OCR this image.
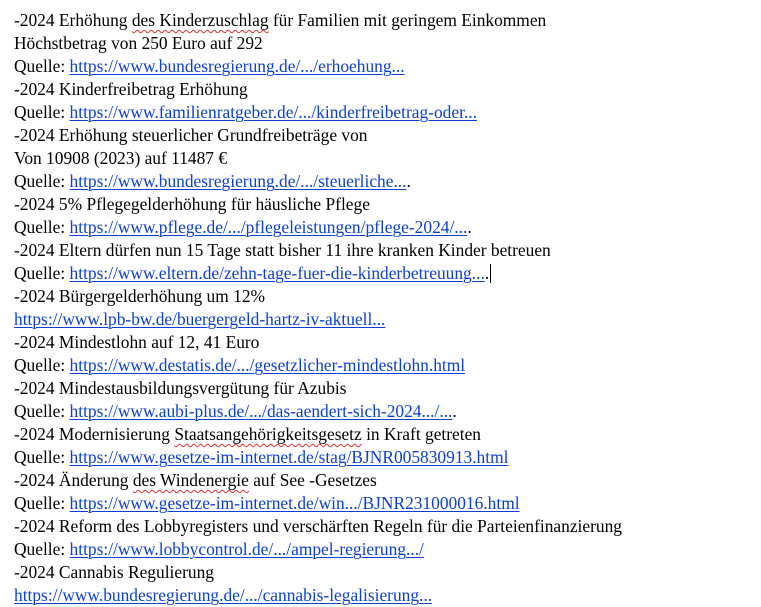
-2024 Erhöhung des Kinderzuschlag für Familien mit geringem Einkommen
Höchstbetrag von 250 Euro auf 292
Quelle: https://www.bundesregierung.de/.../erhoehung...
-2024 Kinderfreibetrag Erhöhung
Quelle: https://www.familienratgeber.de/.../kinderfreibetrag-oder...
-2024 Erhöhung steuerlicher Grundfreibeträge von
Von 10908 (2023) auf 11487 €
Quelle: https://www.bundesregierung.de/.../steuerliche....
-2024 5% Pflegegelderhöhung für häusliche Pflege
Quelle: https://www.pflege.de/.../pflegeleistungen/pflege-2024/....
-2024 Eltern dürfen nun 15 Tage statt bisher 11 ihre kranken Kinder betreuen
Quelle: https://www.eltern.de/zehn-tage-fuer-die-kinderbetreuung....
-2024 Bürgergelderhöhung um 12%
https://www.lpb-bw.de/buergergeld-hartz-iv-aktuell...
-2024 Mindestlohn auf 12, 41 Euro
Quelle: https://www.destatis.de/.../gesetzlicher-mindestlohn.html
-2024 Mindestausbildungsvergütung für Azubis
Quelle: https://www.aubi-plus.de/.../das-aendert-sich-2024.../....
-2024 Modernisierung Staatsangehörigkeitsgesetz in Kraft getreten
Quelle: https://www.gesetze-im-internet.de/stag/BJNR005830913.html
-2024 Änderung des Windenergie auf See -Gesetzes
Quelle: https://www.gesetze-im-internet.de/win.../BJNR231000016.html
-2024 Reform des Lobbyregisters und verschärften Regeln für die Parteienfinanzierung
Quelle: https://www.lobbycontrol.de/.../ampel-regierung.../
-2024 Cannabis Regulierung
https://www.bundesregierung.de/.../cannabis-legalisierung...
